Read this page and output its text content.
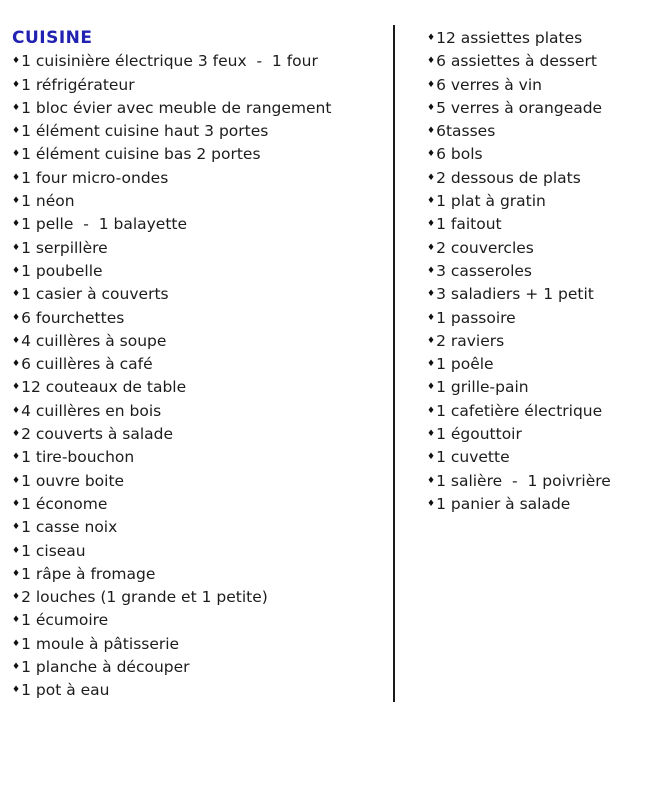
CUISINE
♦ 1 cuisinière électrique 3 feux  -  1 four
♦ 1 réfrigérateur
♦ 1 bloc évier avec meuble de rangement
♦ 1 élément cuisine haut 3 portes
♦ 1 élément cuisine bas 2 portes
♦ 1 four micro-ondes
♦ 1 néon
♦ 1 pelle  -  1 balayette
♦ 1 serpillère
♦ 1 poubelle
♦ 1 casier à couverts
♦ 6 fourchettes
♦ 4 cuillères à soupe
♦ 6 cuillères à café
♦ 12 couteaux de table
♦ 4 cuillères en bois
♦ 2 couverts à salade
♦ 1 tire-bouchon
♦ 1 ouvre boite
♦ 1 économe
♦ 1 casse noix
♦ 1 ciseau
♦ 1 râpe à fromage
♦ 2 louches (1 grande et 1 petite)
♦ 1 écumoire
♦ 1 moule à pâtisserie
♦ 1 planche à découper
♦ 1 pot à eau
♦ 12 assiettes plates
♦ 6 assiettes à dessert
♦ 6 verres à vin
♦ 5 verres à orangeade
♦ 6tasses
♦ 6 bols
♦ 2 dessous de plats
♦ 1 plat à gratin
♦ 1 faitout
♦ 2 couvercles
♦ 3 casseroles
♦ 3 saladiers + 1 petit
♦ 1 passoire
♦ 2 raviers
♦ 1 poêle
♦ 1 grille-pain
♦ 1 cafetière électrique
♦ 1 égouttoir
♦ 1 cuvette
♦ 1 salière  -  1 poivrière
♦ 1 panier à salade
